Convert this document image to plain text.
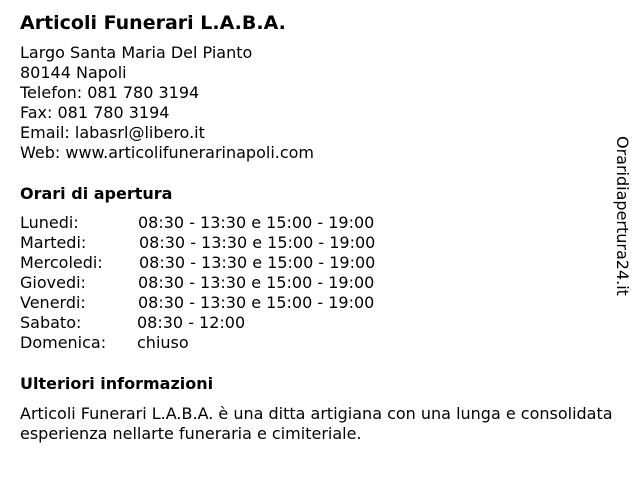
Articoli Funerari L.A.B.A.
Largo Santa Maria Del Pianto
80144 Napoli
Telefon: 081 780 3194
Fax: 081 780 3194
Email: labasrl@libero.it
Web: www.articolifunerarinapoli.com
Orari di apertura
Lunedi:	08:30 - 13:30 e 15:00 - 19:00
Martedi:	08:30 - 13:30 e 15:00 - 19:00
Mercoledi: 08:30 - 13:30 e 15:00 - 19:00
Giovedi:	08:30 - 13:30 e 15:00 - 19:00
Venerdi:	08:30 - 13:30 e 15:00 - 19:00
Sabato:	08:30 - 12:00
Domenica: chiuso
Ulteriori informazioni
Articoli Funerari L.A.B.A. è una ditta artigiana con una lunga e consolidata esperienza nellarte funeraria e cimiteriale.
Oraridiapertura24.it
